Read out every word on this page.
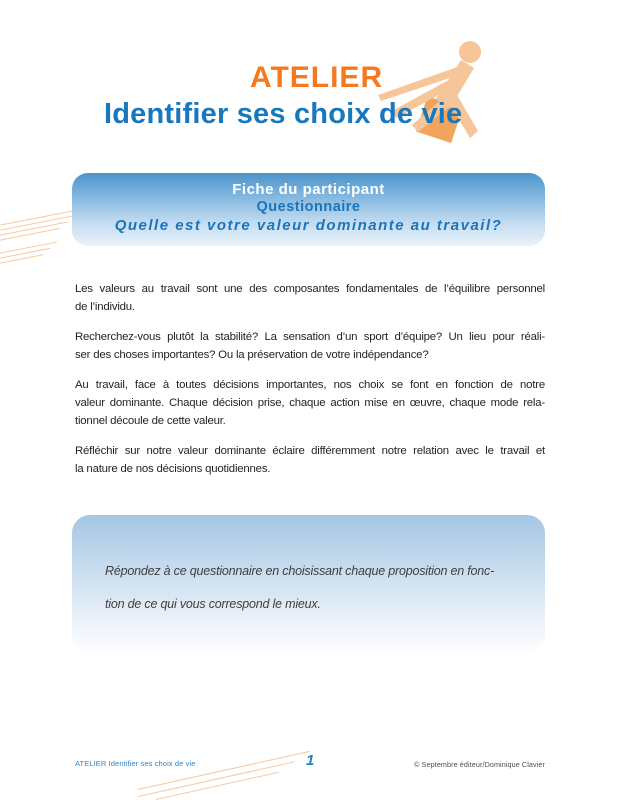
ATELIER
Identifier ses choix de vie
Fiche du participant
Questionnaire
Quelle est votre valeur dominante au travail?
Les valeurs au travail sont une des composantes fondamentales de l’équilibre personnel
de l’individu.
Recherchez-vous plutôt la stabilité? La sensation d’un sport d’équipe? Un lieu pour réali-
ser des choses importantes? Ou la préservation de votre indépendance?
Au travail, face à toutes décisions importantes, nos choix se font en fonction de notre
valeur dominante. Chaque décision prise, chaque action mise en œuvre, chaque mode rela-
tionnel découle de cette valeur.
Réfléchir sur notre valeur dominante éclaire différemment notre relation avec le travail et
la nature de nos décisions quotidiennes.
Répondez à ce questionnaire en choisissant chaque proposition en fonc-
tion de ce qui vous correspond le mieux.
ATELIER Identifier ses choix de vie	1	© Septembre éditeur/Dominique Clavier
